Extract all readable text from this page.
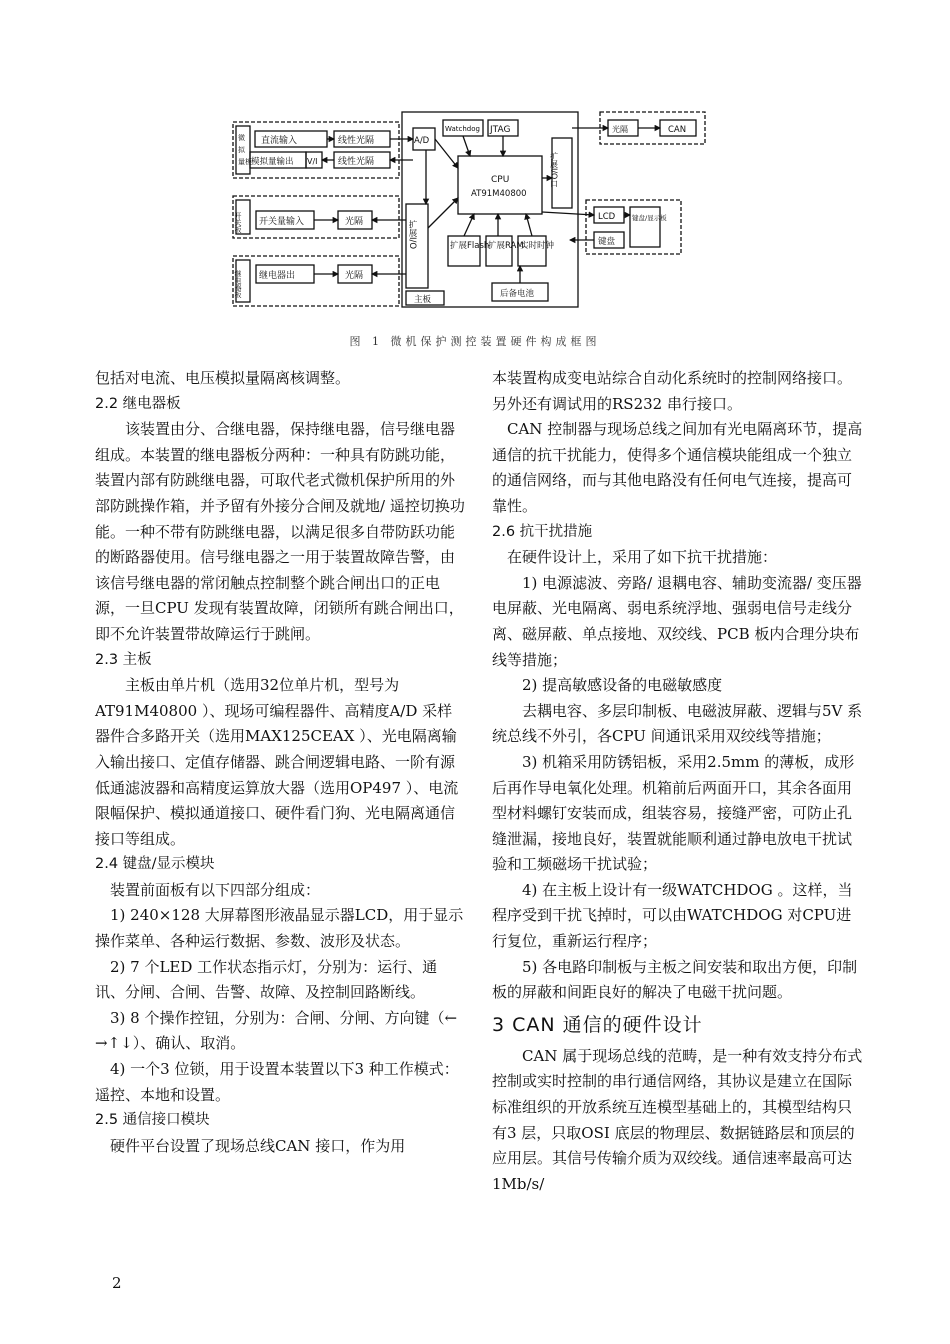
微
拟
量板
直流输入	线性光隔
模拟量输出 V/I 线性光隔
A/D
Watchdog JTAG
CPU
AT91M40800
扩展I/O口
光隔	CAN
开关板 开关量输入	光隔	扩展I/O
继电器板 继电器出	光隔
扩展Flash
扩展RAM
实时时钟
LCD	键盘/显示板
键盘
后备电池
主板
图 1 微机保护测控装置硬件构成框图

包括对电流、电压模拟量隔离核调整。

2.2 继电器板

该装置由分、合继电器，保持继电器，信号继电器组成。本装置的继电器板分两种：一种具有防跳功能，装置内部有防跳继电器，可取代老式微机保护所用的外部防跳操作箱，并予留有外接分合闸及就地/ 遥控切换功能。一种不带有防跳继电器，以满足很多自带防跃功能的断路器使用。信号继电器之一用于装置故障告警，由该信号继电器的常闭触点控制整个跳合闸出口的正电源，一旦CPU 发现有装置故障，闭锁所有跳合闸出口，即不允许装置带故障运行于跳闸。

2.3 主板

主板由单片机（选用32位单片机，型号为AT91M40800 ）、现场可编程器件、高精度A/D 采样器件合多路开关（选用MAX125CEAX ）、光电隔离输入输出接口、定值存储器、跳合闸逻辑电路、一阶有源低通滤波器和高精度运算放大器（选用OP497 ）、电流限幅保护、模拟通道接口、硬件看门狗、光电隔离通信接口等组成。

2.4 键盘/显示模块

装置前面板有以下四部分组成：

1) 240×128 大屏幕图形液晶显示器LCD，用于显示操作菜单、各种运行数据、参数、波形及状态。

2) 7 个LED 工作状态指示灯，分别为：运行、通讯、分闸、合闸、告警、故障、及控制回路断线。

3) 8 个操作控钮，分别为：合闸、分闸、方向键（← →↑↓）、确认、取消。

4) 一个3 位锁，用于设置本装置以下3 种工作模式：遥控、本地和设置。

2.5 通信接口模块

硬件平台设置了现场总线CAN 接口，作为用

本装置构成变电站综合自动化系统时的控制网络接口。另外还有调试用的RS232 串行接口。

CAN 控制器与现场总线之间加有光电隔离环节，提高通信的抗干扰能力，使得多个通信模块能组成一个独立的通信网络，而与其他电路没有任何电气连接，提高可靠性。

2.6 抗干扰措施

在硬件设计上，采用了如下抗干扰措施：

1) 电源滤波、旁路/ 退耦电容、辅助变流器/ 变压器电屏蔽、光电隔离、弱电系统浮地、强弱电信号走线分离、磁屏蔽、单点接地、双绞线、PCB 板内合理分块布线等措施；

2) 提高敏感设备的电磁敏感度

去耦电容、多层印制板、电磁波屏蔽、逻辑与5V 系统总线不外引，各CPU 间通讯采用双绞线等措施；

3) 机箱采用防锈铝板，采用2.5mm 的薄板，成形后再作导电氧化处理。机箱前后两面开口，其余各面用型材料螺钉安装而成，组装容易，接缝严密，可防止孔缝泄漏，接地良好，装置就能顺利通过静电放电干扰试验和工频磁场干扰试验；

4) 在主板上设计有一级WATCHDOG 。这样，当程序受到干扰飞掉时，可以由WATCHDOG 对CPU进行复位，重新运行程序；

5) 各电路印制板与主板之间安装和取出方便，印制板的屏蔽和间距良好的解决了电磁干扰问题。

3 CAN 通信的硬件设计

CAN 属于现场总线的范畴，是一种有效支持分布式控制或实时控制的串行通信网络，其协议是建立在国际标准组织的开放系统互连模型基础上的，其模型结构只有3 层，只取OSI 底层的物理层、数据链路层和顶层的应用层。其信号传输介质为双绞线。通信速率最高可达1Mb/s/

2
